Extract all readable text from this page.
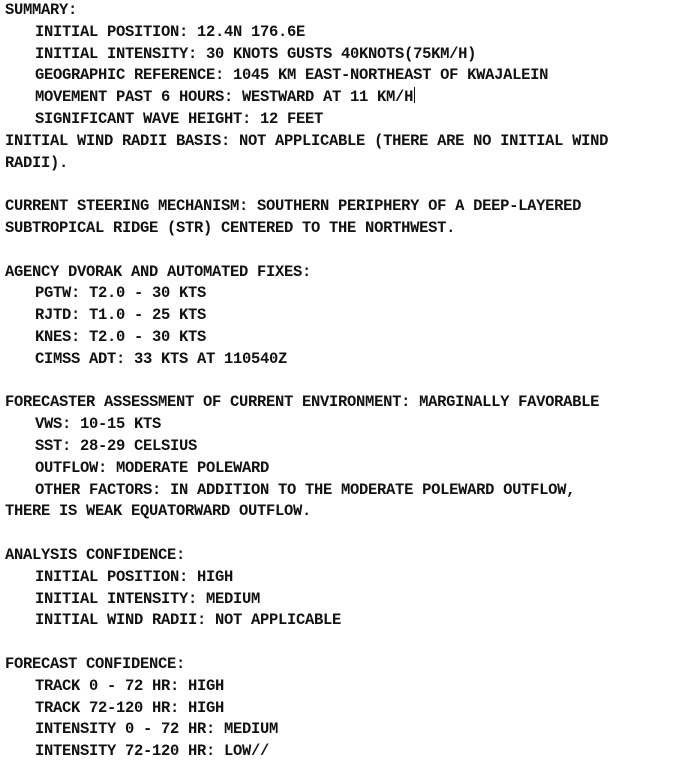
SUMMARY:
INITIAL POSITION: 12.4N 176.6E
INITIAL INTENSITY: 30 KNOTS GUSTS 40KNOTS(75KM/H)
GEOGRAPHIC REFERENCE: 1045 KM EAST-NORTHEAST OF KWAJALEIN
MOVEMENT PAST 6 HOURS: WESTWARD AT 11 KM/H
SIGNIFICANT WAVE HEIGHT: 12 FEET
INITIAL WIND RADII BASIS: NOT APPLICABLE (THERE ARE NO INITIAL WIND
RADII).
CURRENT STEERING MECHANISM: SOUTHERN PERIPHERY OF A DEEP-LAYERED
SUBTROPICAL RIDGE (STR) CENTERED TO THE NORTHWEST.
AGENCY DVORAK AND AUTOMATED FIXES:
PGTW: T2.0 - 30 KTS
RJTD: T1.0 - 25 KTS
KNES: T2.0 - 30 KTS
CIMSS ADT: 33 KTS AT 110540Z
FORECASTER ASSESSMENT OF CURRENT ENVIRONMENT: MARGINALLY FAVORABLE
VWS: 10-15 KTS
SST: 28-29 CELSIUS
OUTFLOW: MODERATE POLEWARD
OTHER FACTORS: IN ADDITION TO THE MODERATE POLEWARD OUTFLOW,
THERE IS WEAK EQUATORWARD OUTFLOW.
ANALYSIS CONFIDENCE:
INITIAL POSITION: HIGH
INITIAL INTENSITY: MEDIUM
INITIAL WIND RADII: NOT APPLICABLE
FORECAST CONFIDENCE:
TRACK 0 - 72 HR: HIGH
TRACK 72-120 HR: HIGH
INTENSITY 0 - 72 HR: MEDIUM
INTENSITY 72-120 HR: LOW//
